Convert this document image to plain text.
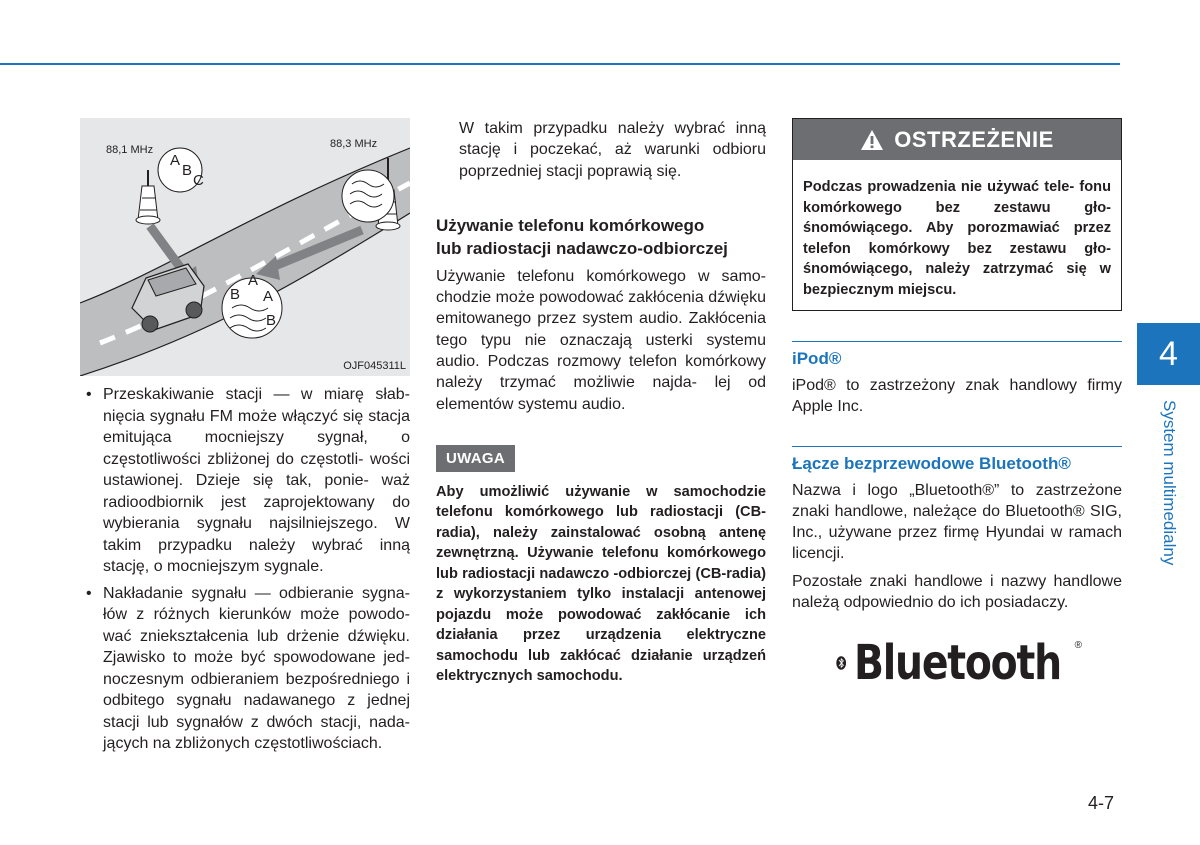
88,1 MHz	88,3 MHz
A
B
C
A
B A
B
OJF045311L
• Przeskakiwanie stacji — w miarę słab- nięcia sygnału FM może włączyć się stacja emitująca mocniejszy sygnał, o częstotliwości zbliżonej do częstotli- wości ustawionej. Dzieje się tak, ponie- waż radioodbiornik jest zaprojektowany do wybierania sygnału najsilniejszego. W takim przypadku należy wybrać inną stację, o mocniejszym sygnale.
• Nakładanie sygnału — odbieranie sygna- łów z różnych kierunków może powodo- wać zniekształcenia lub drżenie dźwięku. Zjawisko to może być spowodowane jed- noczesnym odbieraniem bezpośredniego i odbitego sygnału nadawanego z jednej stacji lub sygnałów z dwóch stacji, nada- jących na zbliżonych częstotliwościach.

W takim przypadku należy wybrać inną stację i poczekać, aż warunki odbioru poprzedniej stacji poprawią się.

Używanie telefonu komórkowego
lub radiostacji nadawczo-odbiorczej

Używanie telefonu komórkowego w samo- chodzie może powodować zakłócenia dźwięku emitowanego przez system audio. Zakłócenia tego typu nie oznaczają usterki systemu audio. Podczas rozmowy telefon komórkowy należy trzymać możliwie najda- lej od elementów systemu audio.

UWAGA

Aby umożliwić używanie w samochodzie telefonu komórkowego lub radiostacji (CB-radia), należy zainstalować osobną antenę zewnętrzną. Używanie telefonu komórkowego lub radiostacji nadawczo -odbiorczej (CB-radia) z wykorzystaniem tylko instalacji antenowej pojazdu może powodować zakłócanie ich działania przez urządzenia elektryczne samochodu lub zakłócać działanie urządzeń elektrycznych samochodu.

OSTRZEŻENIE
Podczas prowadzenia nie używać tele- fonu komórkowego bez zestawu gło- śnomówiącego. Aby porozmawiać przez telefon komórkowy bez zestawu gło- śnomówiącego, należy zatrzymać się w bezpiecznym miejscu.
iPod®

iPod® to zastrzeżony znak handlowy firmy Apple Inc.

Łącze bezprzewodowe Bluetooth®

Nazwa i logo „Bluetooth®” to zastrzeżone znaki handlowe, należące do Bluetooth® SIG, Inc., używane przez firmę Hyundai w ramach licencji.

Pozostałe znaki handlowe i nazwy handlowe należą odpowiednio do ich posiadaczy.

Bluetooth ®
4
System multimedialny
4-7
